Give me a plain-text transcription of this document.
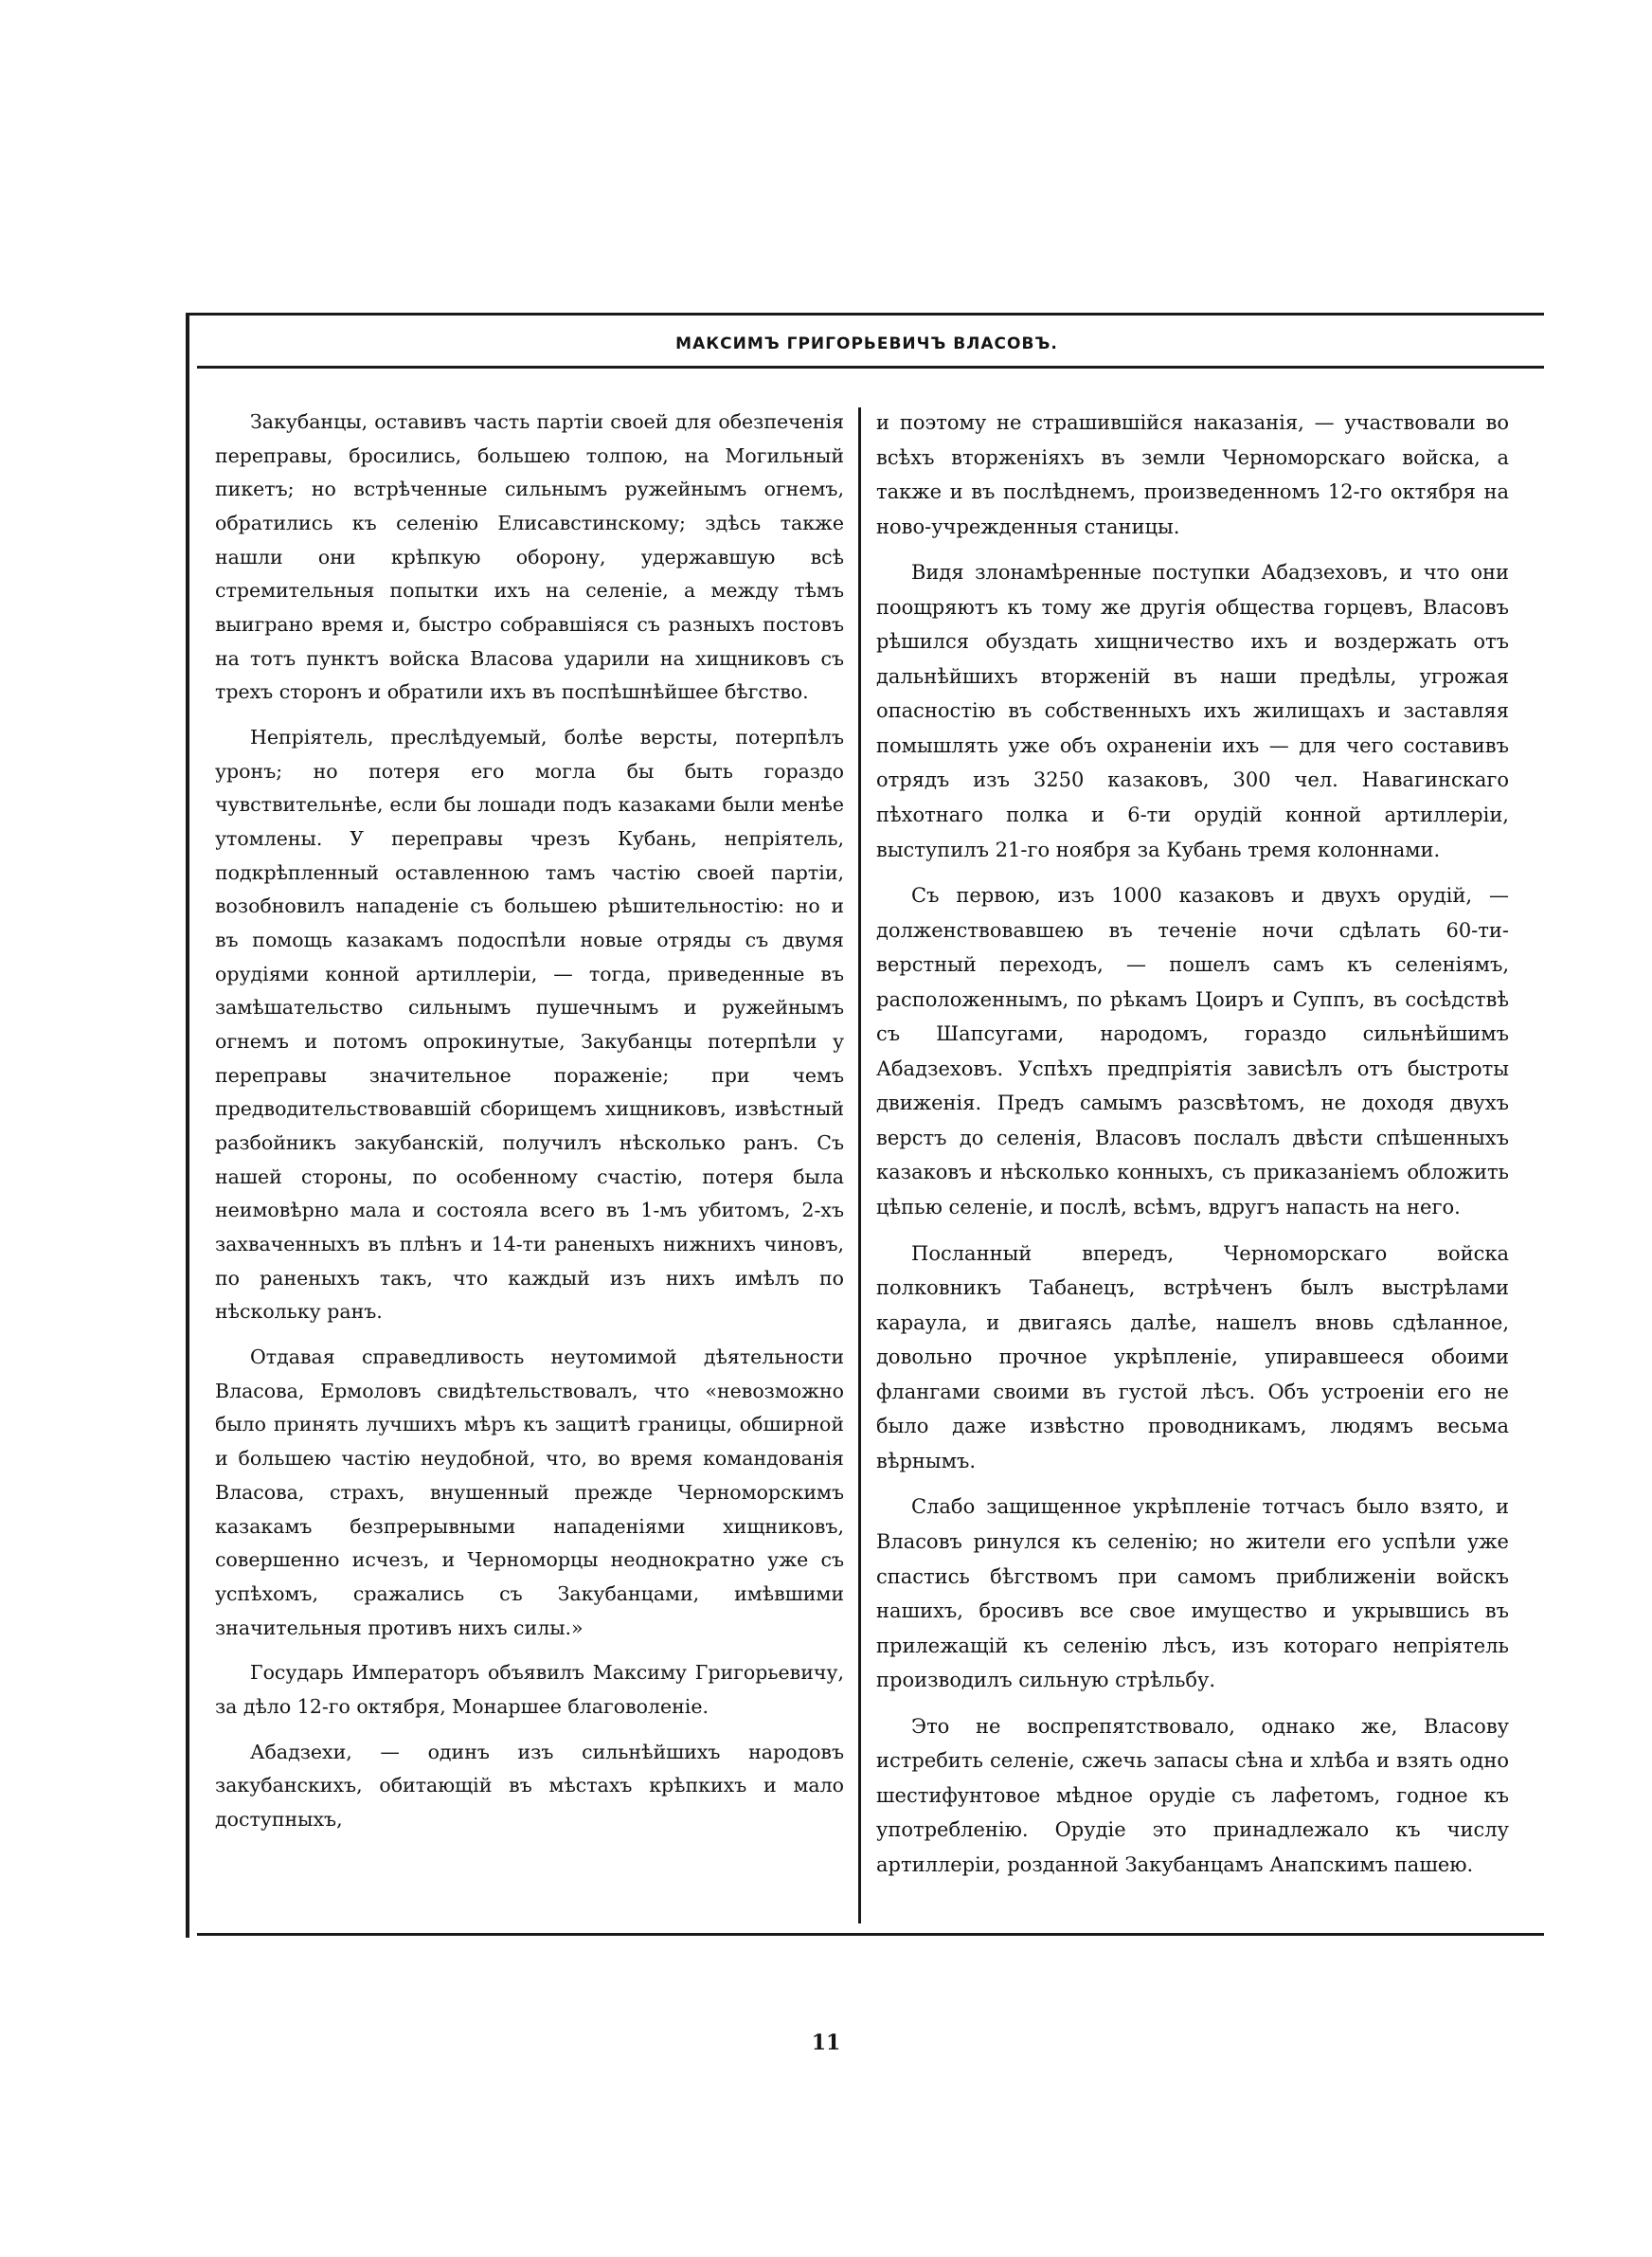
МАКСИМЪ ГРИГОРЬЕВИЧЪ ВЛАСОВЪ.

Закубанцы, оставивъ часть партіи своей для обезпеченія переправы, бросились, большею толпою, на Могильный пикетъ; но встрѣченные сильнымъ ружейнымъ огнемъ, обратились къ селенію Елисавстинскому; здѣсь также нашли они крѣпкую оборону, удержавшую всѣ стремительныя попытки ихъ на селеніе, а между тѣмъ выиграно время и, быстро собравшіяся съ разныхъ постовъ на тотъ пунктъ войска Власова ударили на хищниковъ съ трехъ сторонъ и обратили ихъ въ поспѣшнѣйшее бѣгство.

Непріятель, преслѣдуемый, болѣе версты, потерпѣлъ уронъ; но потеря его могла бы быть гораздо чувствительнѣе, если бы лошади подъ казаками были менѣе утомлены. У переправы чрезъ Кубань, непріятель, подкрѣпленный оставленною тамъ частію своей партіи, возобновилъ нападеніе съ большею рѣшительностію: но и въ помощь казакамъ подоспѣли новые отряды съ двумя орудіями конной артиллеріи, — тогда, приведенные въ замѣшательство сильнымъ пушечнымъ и ружейнымъ огнемъ и потомъ опрокинутые, Закубанцы потерпѣли у переправы значительное пораженіе; при чемъ предводительствовавшій сборищемъ хищниковъ, извѣстный разбойникъ закубанскій, получилъ нѣсколько ранъ. Съ нашей стороны, по особенному счастію, потеря была неимовѣрно мала и состояла всего въ 1-мъ убитомъ, 2-хъ захваченныхъ въ плѣнъ и 14-ти раненыхъ нижнихъ чиновъ, по раненыхъ такъ, что каждый изъ нихъ имѣлъ по нѣскольку ранъ.

Отдавая справедливость неутомимой дѣятельности Власова, Ермоловъ свидѣтельствовалъ, что «невозможно было принять лучшихъ мѣръ къ защитѣ границы, обширной и большею частію неудобной, что, во время командованія Власова, страхъ, внушенный прежде Черноморскимъ казакамъ безпрерывными нападеніями хищниковъ, совершенно исчезъ, и Черноморцы неоднократно уже съ успѣхомъ, сражались съ Закубанцами, имѣвшими значительныя противъ нихъ силы.»

Государь Императоръ объявилъ Максиму Григорьевичу, за дѣло 12-го октября, Монаршее благоволеніе.

Абадзехи, — одинъ изъ сильнѣйшихъ народовъ закубанскихъ, обитающій въ мѣстахъ крѣпкихъ и мало доступныхъ,

и поэтому не страшившійся наказанія, — участвовали во всѣхъ вторженіяхъ въ земли Черноморскаго войска, а также и въ послѣднемъ, произведенномъ 12-го октября на ново-учрежденныя станицы.

Видя злонамѣренные поступки Абадзеховъ, и что они поощряютъ къ тому же другія общества горцевъ, Власовъ рѣшился обуздать хищничество ихъ и воздержать отъ дальнѣйшихъ вторженій въ наши предѣлы, угрожая опасностію въ собственныхъ ихъ жилищахъ и заставляя помышлять уже объ охраненіи ихъ — для чего составивъ отрядъ изъ 3250 казаковъ, 300 чел. Навагинскаго пѣхотнаго полка и 6-ти орудій конной артиллеріи, выступилъ 21-го ноября за Кубань тремя колоннами.

Съ первою, изъ 1000 казаковъ и двухъ орудій, — долженствовавшею въ теченіе ночи сдѣлать 60-ти-верстный переходъ, — пошелъ самъ къ селеніямъ, расположеннымъ, по рѣкамъ Цоиръ и Суппъ, въ сосѣдствѣ съ Шапсугами, народомъ, гораздо сильнѣйшимъ Абадзеховъ. Успѣхъ предпріятія зависѣлъ отъ быстроты движенія. Предъ самымъ разсвѣтомъ, не доходя двухъ верстъ до селенія, Власовъ послалъ двѣсти спѣшенныхъ казаковъ и нѣсколько конныхъ, съ приказаніемъ обложить цѣпью селеніе, и послѣ, всѣмъ, вдругъ напасть на него.

Посланный впередъ, Черноморскаго войска полковникъ Табанецъ, встрѣченъ былъ выстрѣлами караула, и двигаясь далѣе, нашелъ вновь сдѣланное, довольно прочное укрѣпленіе, упиравшееся обоими флангами своими въ густой лѣсъ. Объ устроеніи его не было даже извѣстно проводникамъ, людямъ весьма вѣрнымъ.

Слабо защищенное укрѣпленіе тотчасъ было взято, и Власовъ ринулся къ селенію; но жители его успѣли уже спастись бѣгствомъ при самомъ приближеніи войскъ нашихъ, бросивъ все свое имущество и укрывшись въ прилежащій къ селенію лѣсъ, изъ котораго непріятель производилъ сильную стрѣльбу.

Это не воспрепятствовало, однако же, Власову истребить селеніе, сжечь запасы сѣна и хлѣба и взять одно шестифунтовое мѣдное орудіе съ лафетомъ, годное къ употребленію. Орудіе это принадлежало къ числу артиллеріи, розданной Закубанцамъ Анапскимъ пашею.

11
